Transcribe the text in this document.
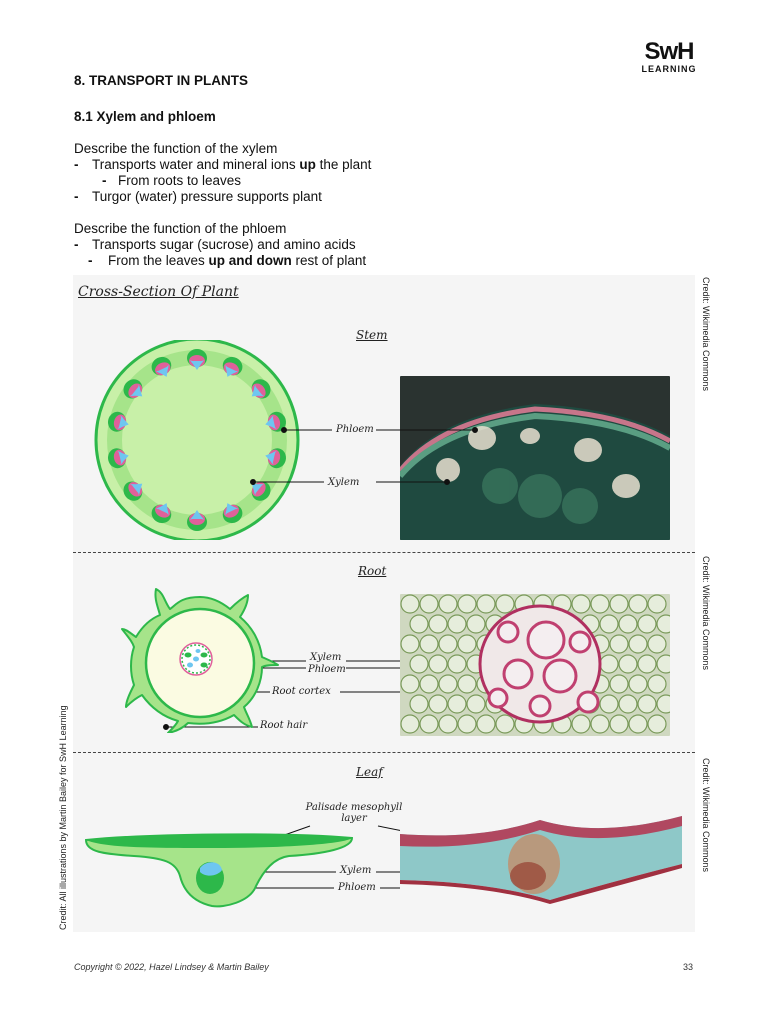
SwH
LEARNING
8. TRANSPORT IN PLANTS
8.1 Xylem and phloem
Describe the function of the xylem
- Transports water and mineral ions up the plant
- From roots to leaves
- Turgor (water) pressure supports plant
Describe the function of the phloem
- Transports sugar (sucrose) and amino acids
- From the leaves up and down rest of plant
Cross-Section Of Plant
Stem
Root
Leaf
Phloem
Xylem
Xylem
Phloem
Root cortex
Root hair
Palisade mesophyll
layer
Xylem
Phloem
Credit: Wikimedia Commons
Credit: Wikimedia Commons
Credit: Wikimedia Commons
Credit: All illustrations by Martin Bailey for SwH Learning
Copyright © 2022, Hazel Lindsey & Martin Bailey	33
